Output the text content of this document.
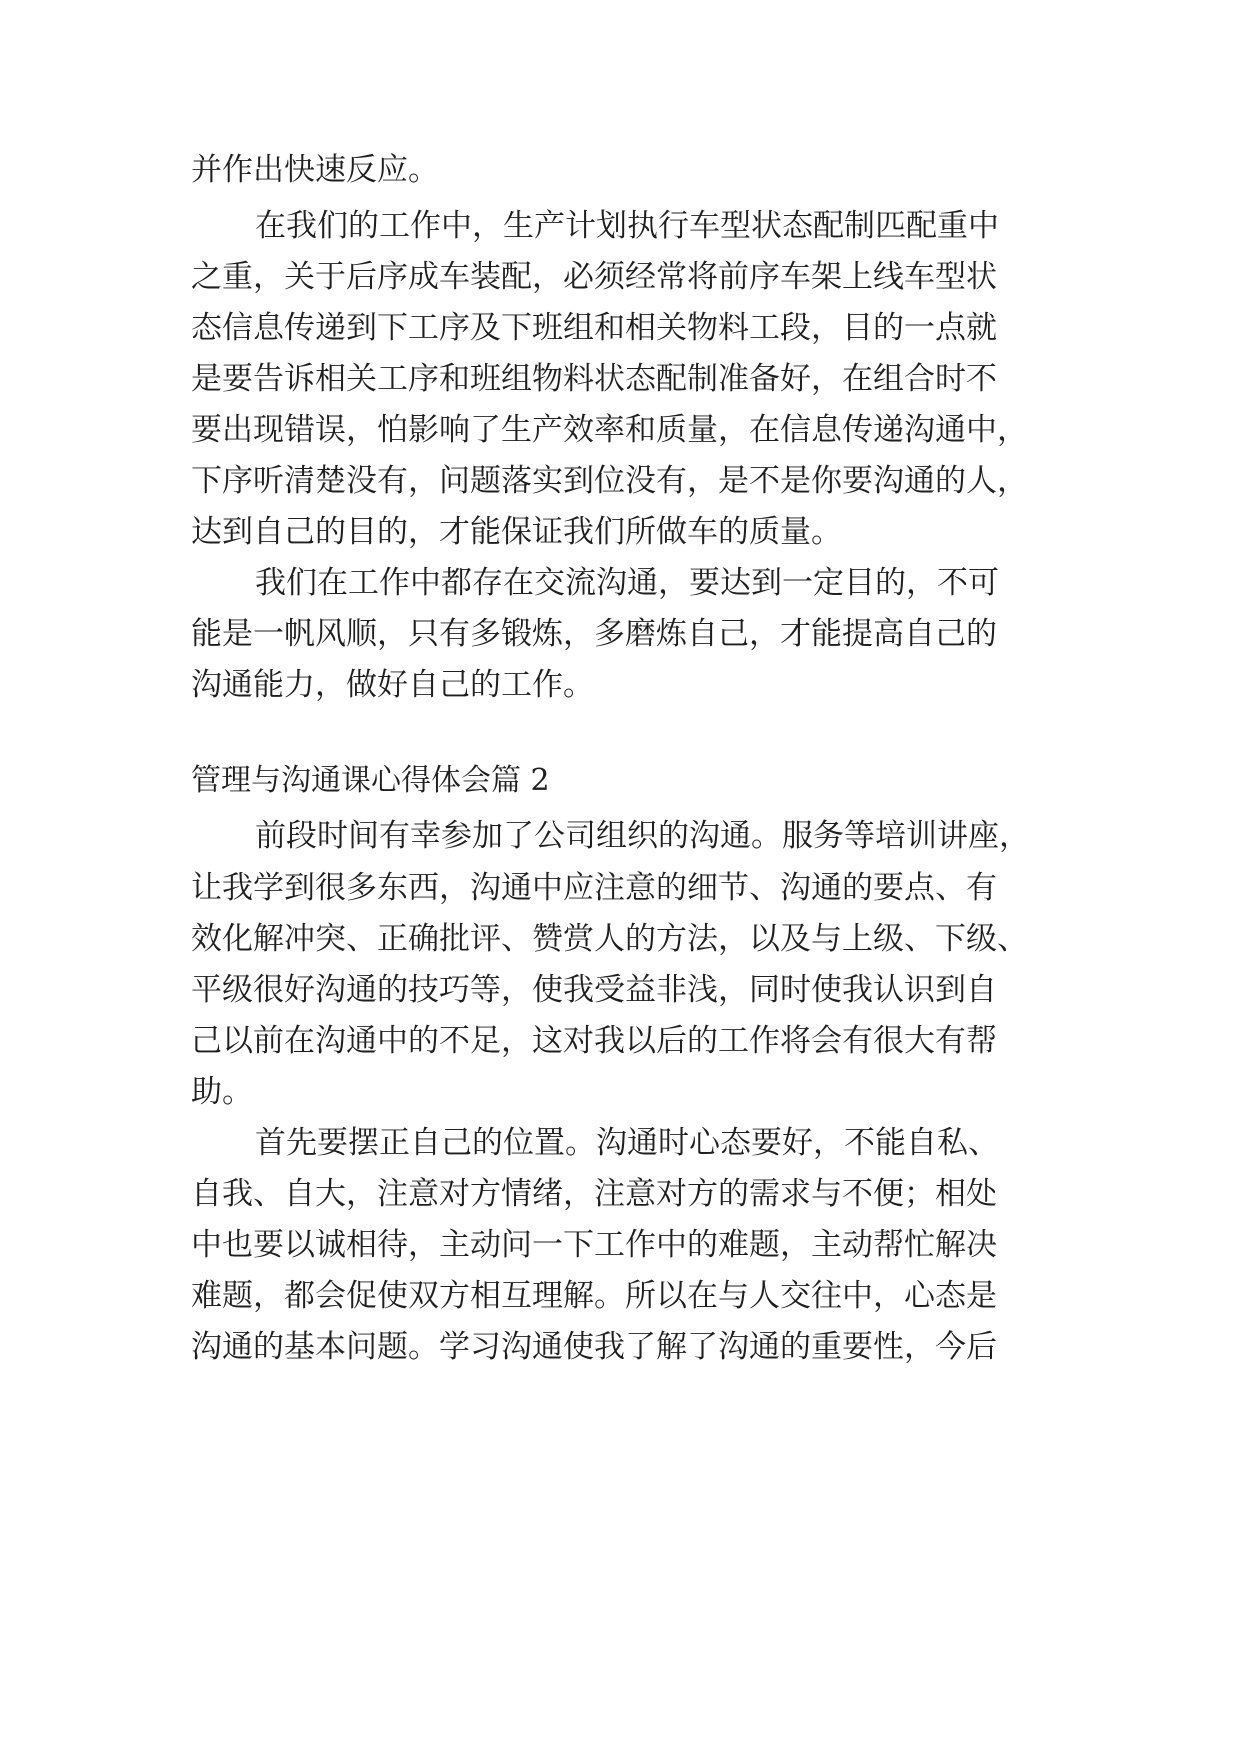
并作出快速反应。
在我们的工作中，生产计划执行车型状态配制匹配重中
之重，关于后序成车装配，必须经常将前序车架上线车型状
态信息传递到下工序及下班组和相关物料工段，目的一点就
是要告诉相关工序和班组物料状态配制准备好，在组合时不
要出现错误，怕影响了生产效率和质量，在信息传递沟通中，
下序听清楚没有，问题落实到位没有，是不是你要沟通的人，
达到自己的目的，才能保证我们所做车的质量。
我们在工作中都存在交流沟通，要达到一定目的，不可
能是一帆风顺，只有多锻炼，多磨炼自己，才能提高自己的
沟通能力，做好自己的工作。
管理与沟通课心得体会篇 2
前段时间有幸参加了公司组织的沟通。服务等培训讲座，
让我学到很多东西，沟通中应注意的细节、沟通的要点、有
效化解冲突、正确批评、赞赏人的方法，以及与上级、下级、
平级很好沟通的技巧等，使我受益非浅，同时使我认识到自
己以前在沟通中的不足，这对我以后的工作将会有很大有帮
助。
首先要摆正自己的位置。沟通时心态要好，不能自私、
自我、自大，注意对方情绪，注意对方的需求与不便；相处
中也要以诚相待，主动问一下工作中的难题，主动帮忙解决
难题，都会促使双方相互理解。所以在与人交往中，心态是
沟通的基本问题。学习沟通使我了解了沟通的重要性，今后
